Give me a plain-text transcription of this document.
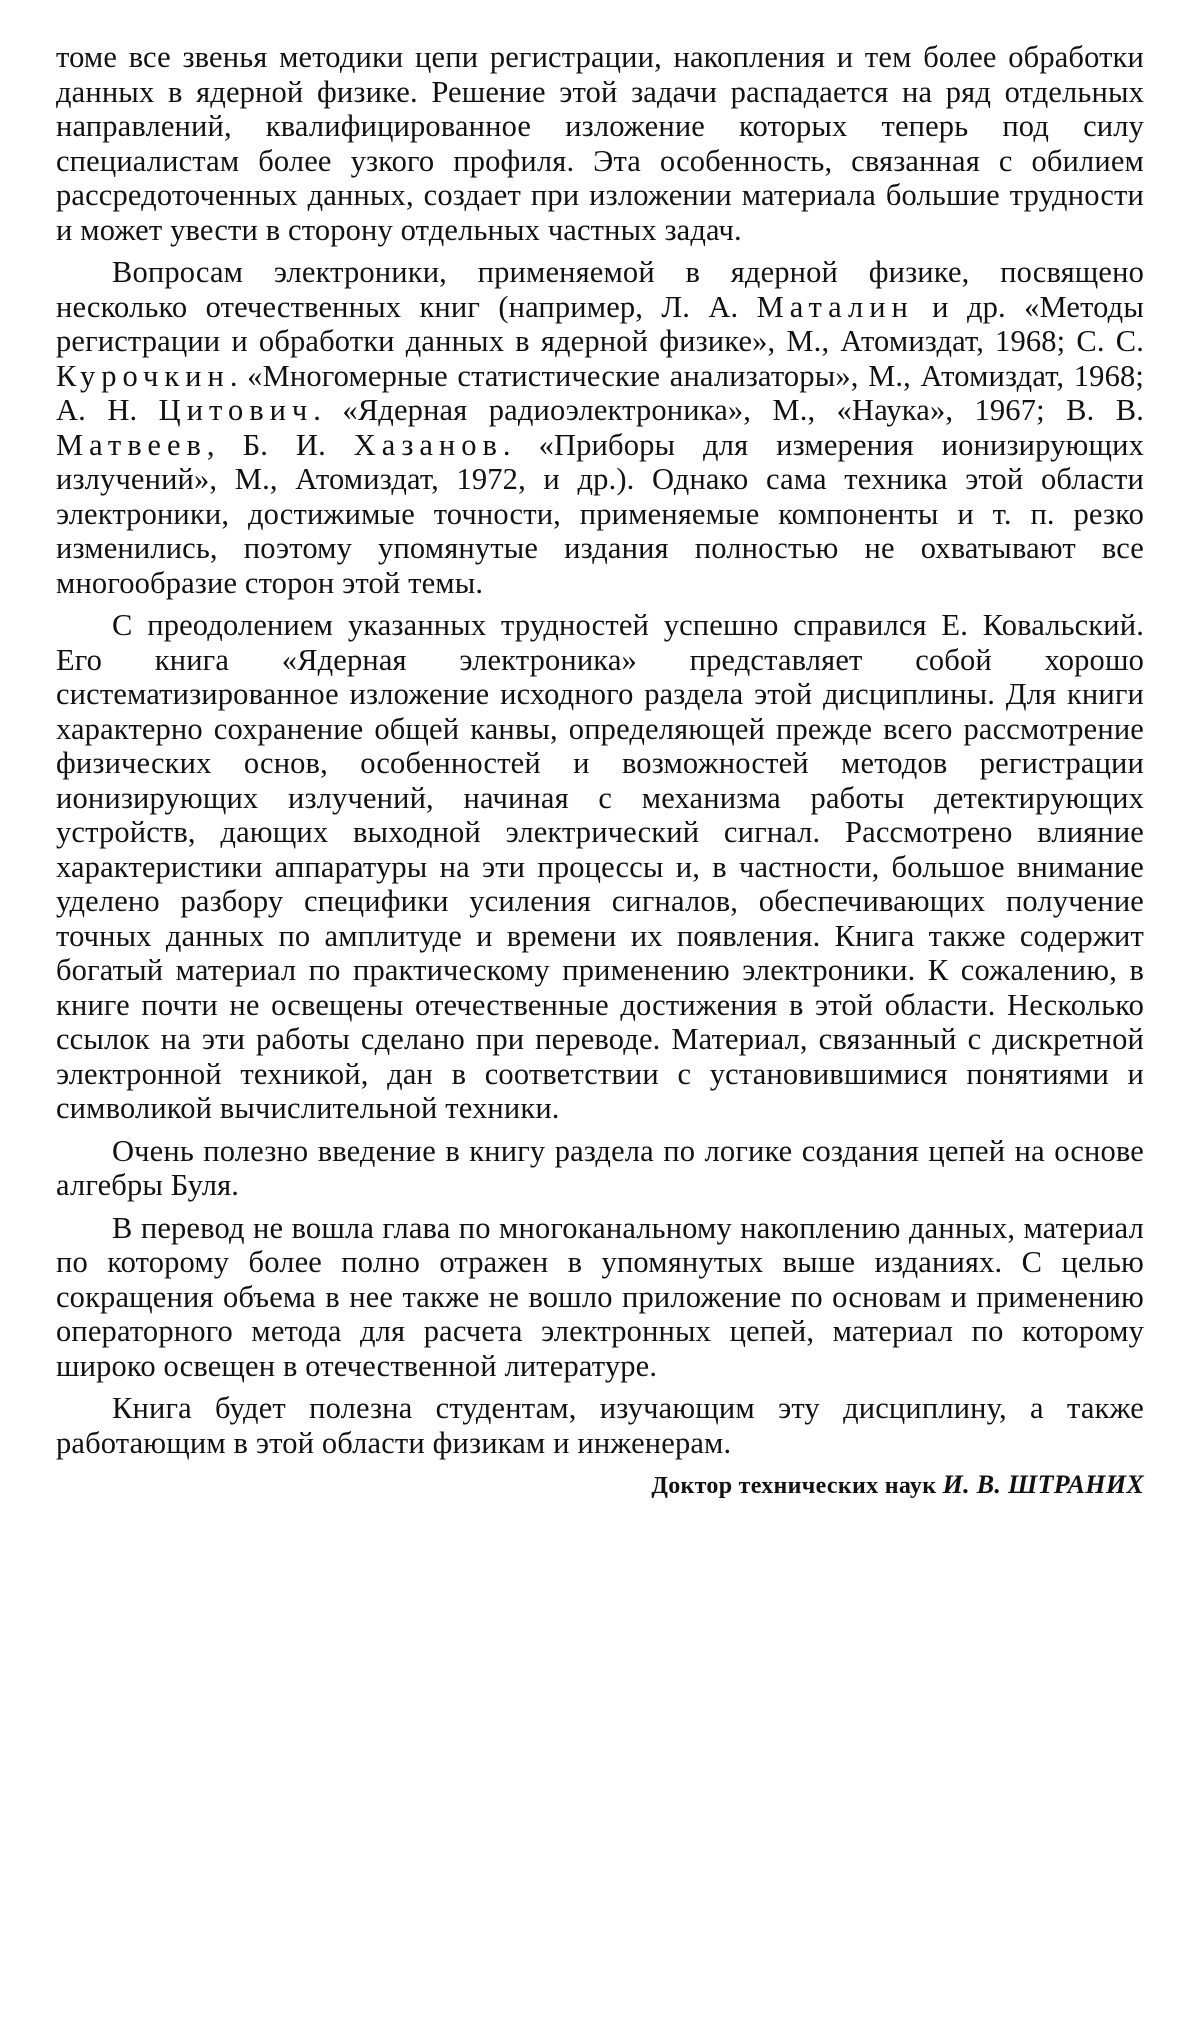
томе все звенья методики цепи регистрации, накопления и тем более обработки данных в ядерной физике. Решение этой задачи распадается на ряд отдельных направлений, квалифицированное изложение которых теперь под силу специалистам более узкого профиля. Эта особенность, связанная с обилием рассредоточенных данных, создает при изложении материала большие трудности и может увести в сторону отдельных частных задач.

Вопросам электроники, применяемой в ядерной физике, посвящено несколько отечественных книг (например, Л. А. Маталин и др. «Методы регистрации и обработки данных в ядерной физике», М., Атомиздат, 1968; С. С. Курочкин. «Многомерные статистические анализаторы», М., Атомиздат, 1968; А. Н. Цитович. «Ядерная радиоэлектроника», М., «Наука», 1967; В. В. Матвеев, Б. И. Хазанов. «Приборы для измерения ионизирующих излучений», М., Атомиздат, 1972, и др.). Однако сама техника этой области электроники, достижимые точности, применяемые компоненты и т. п. резко изменились, поэтому упомянутые издания полностью не охватывают все многообразие сторон этой темы.

С преодолением указанных трудностей успешно справился Е. Ковальский. Его книга «Ядерная электроника» представляет собой хорошо систематизированное изложение исходного раздела этой дисциплины. Для книги характерно сохранение общей канвы, определяющей прежде всего рассмотрение физических основ, особенностей и возможностей методов регистрации ионизирующих излучений, начиная с механизма работы детектирующих устройств, дающих выходной электрический сигнал. Рассмотрено влияние характеристики аппаратуры на эти процессы и, в частности, большое внимание уделено разбору специфики усиления сигналов, обеспечивающих получение точных данных по амплитуде и времени их появления. Книга также содержит богатый материал по практическому применению электроники. К сожалению, в книге почти не освещены отечественные достижения в этой области. Несколько ссылок на эти работы сделано при переводе. Материал, связанный с дискретной электронной техникой, дан в соответствии с установившимися понятиями и символикой вычислительной техники.

Очень полезно введение в книгу раздела по логике создания цепей на основе алгебры Буля.

В перевод не вошла глава по многоканальному накоплению данных, материал по которому более полно отражен в упомянутых выше изданиях. С целью сокращения объема в нее также не вошло приложение по основам и применению операторного метода для расчета электронных цепей, материал по которому широко освещен в отечественной литературе.

Книга будет полезна студентам, изучающим эту дисциплину, а также работающим в этой области физикам и инженерам.

Доктор технических наук И. В. ШТРАНИХ
